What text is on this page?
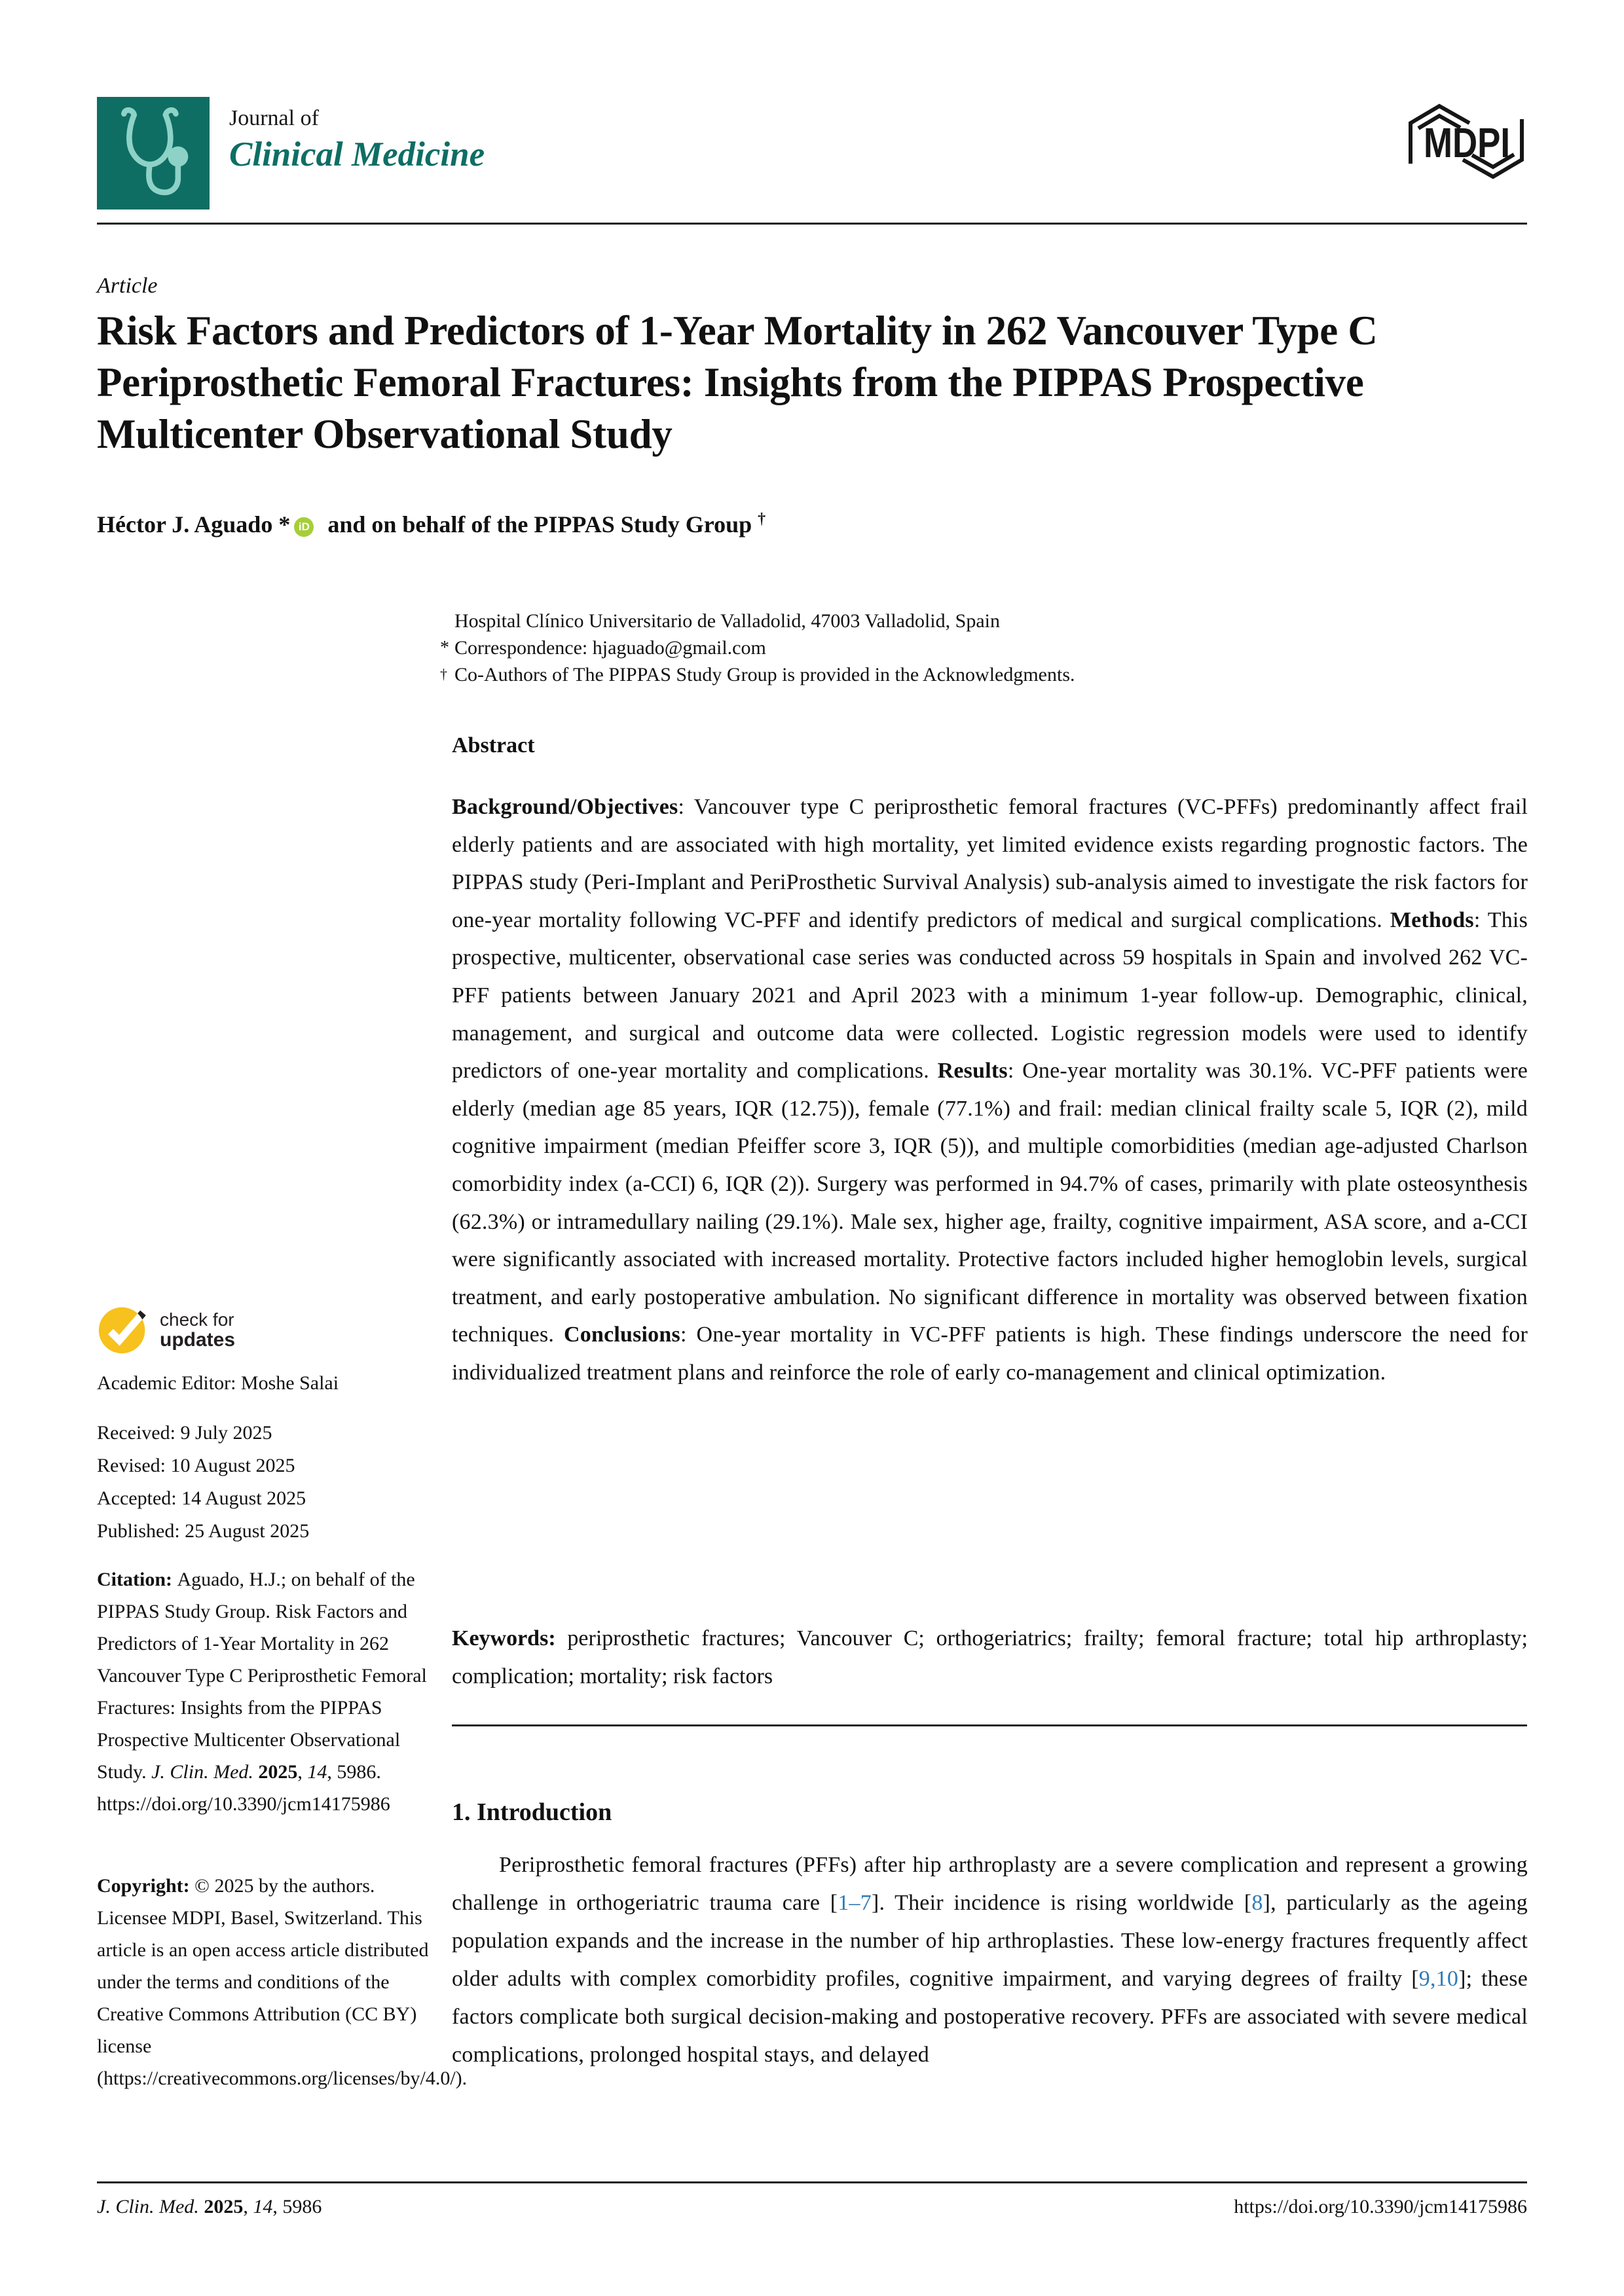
Journal of
Clinical Medicine	MDPI
Article
Risk Factors and Predictors of 1-Year Mortality in 262 Vancouver Type C Periprosthetic Femoral Fractures: Insights from the PIPPAS Prospective Multicenter Observational Study
Héctor J. Aguado * iD and on behalf of the PIPPAS Study Group †
Hospital Clínico Universitario de Valladolid, 47003 Valladolid, Spain
* Correspondence: hjaguado@gmail.com
† Co-Authors of The PIPPAS Study Group is provided in the Acknowledgments.
Abstract
Background/Objectives: Vancouver type C periprosthetic femoral fractures (VC-PFFs) predominantly affect frail elderly patients and are associated with high mortality, yet limited evidence exists regarding prognostic factors. The PIPPAS study (Peri-Implant and PeriProsthetic Survival Analysis) sub-analysis aimed to investigate the risk factors for one-year mortality following VC-PFF and identify predictors of medical and surgical complications. Methods: This prospective, multicenter, observational case series was conducted across 59 hospitals in Spain and involved 262 VC-PFF patients between January 2021 and April 2023 with a minimum 1-year follow-up. Demographic, clinical, management, and surgical and outcome data were collected. Logistic regression models were used to identify predictors of one-year mortality and complications. Results: One-year mortality was 30.1%. VC-PFF patients were elderly (median age 85 years, IQR (12.75)), female (77.1%) and frail: median clinical frailty scale 5, IQR (2), mild cognitive impairment (median Pfeiffer score 3, IQR (5)), and multiple comorbidities (median age-adjusted Charlson comorbidity index (a-CCI) 6, IQR (2)). Surgery was performed in 94.7% of cases, primarily with plate osteosynthesis (62.3%) or intramedullary nailing (29.1%). Male sex, higher age, frailty, cognitive impairment, ASA score, and a-CCI were significantly associated with increased mortality. Protective factors included higher hemoglobin levels, surgical treatment, and early postoperative ambulation. No significant difference in mortality was observed between fixation techniques. Conclusions: One-year mortality in VC-PFF patients is high. These findings underscore the need for individualized treatment plans and reinforce the role of early co-management and clinical optimization.
Keywords: periprosthetic fractures; Vancouver C; orthogeriatrics; frailty; femoral fracture; total hip arthroplasty; complication; mortality; risk factors
1. Introduction
Periprosthetic femoral fractures (PFFs) after hip arthroplasty are a severe complication and represent a growing challenge in orthogeriatric trauma care [1–7]. Their incidence is rising worldwide [8], particularly as the ageing population expands and the increase in the number of hip arthroplasties. These low-energy fractures frequently affect older adults with complex comorbidity profiles, cognitive impairment, and varying degrees of frailty [9,10]; these factors complicate both surgical decision-making and postoperative recovery. PFFs are associated with severe medical complications, prolonged hospital stays, and delayed
check for
updates
Academic Editor: Moshe Salai
Received: 9 July 2025
Revised: 10 August 2025
Accepted: 14 August 2025
Published: 25 August 2025
Citation: Aguado, H.J.; on behalf of the PIPPAS Study Group. Risk Factors and Predictors of 1-Year Mortality in 262 Vancouver Type C Periprosthetic Femoral Fractures: Insights from the PIPPAS Prospective Multicenter Observational Study. J. Clin. Med. 2025, 14, 5986. https://doi.org/10.3390/jcm14175986
Copyright: © 2025 by the authors. Licensee MDPI, Basel, Switzerland. This article is an open access article distributed under the terms and conditions of the Creative Commons Attribution (CC BY) license (https://creativecommons.org/licenses/by/4.0/).
J. Clin. Med. 2025, 14, 5986	https://doi.org/10.3390/jcm14175986
